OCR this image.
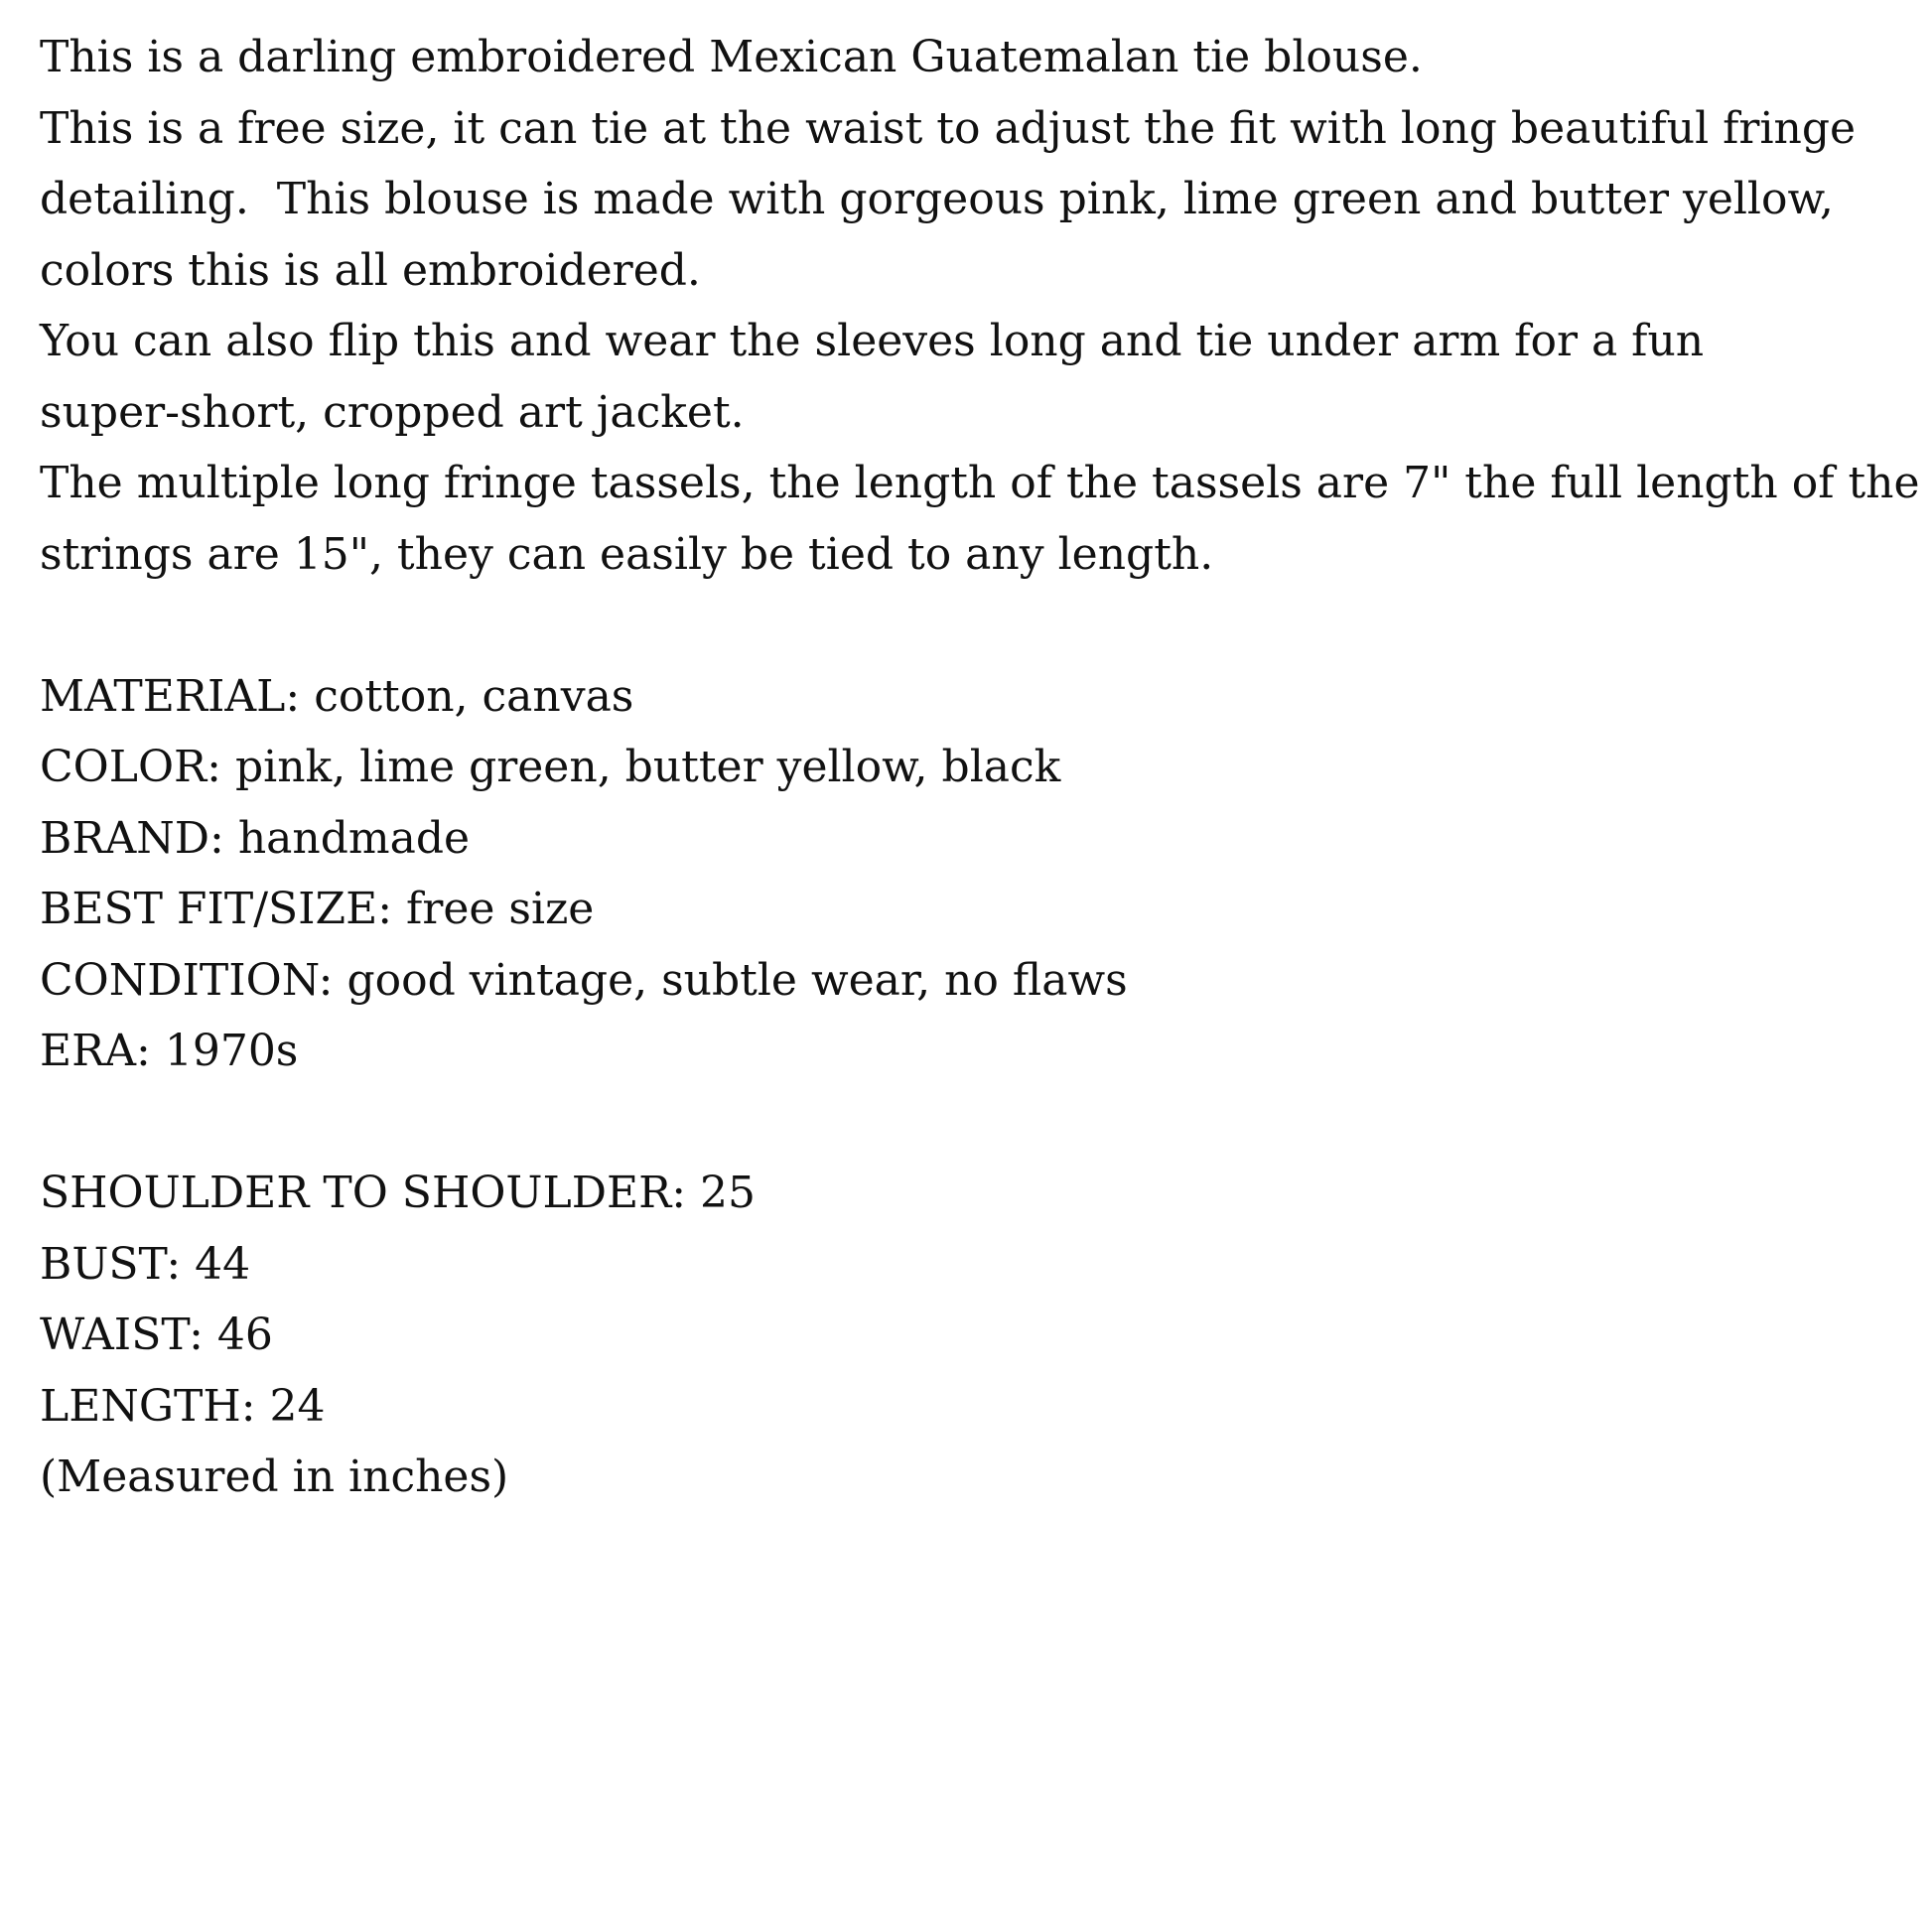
This is a darling embroidered Mexican Guatemalan tie blouse.
This is a free size, it can tie at the waist to adjust the fit with long beautiful fringe
detailing.  This blouse is made with gorgeous pink, lime green and butter yellow,
colors this is all embroidered.
You can also flip this and wear the sleeves long and tie under arm for a fun
super-short, cropped art jacket.
The multiple long fringe tassels, the length of the tassels are 7" the full length of the
strings are 15", they can easily be tied to any length.
MATERIAL: cotton, canvas
COLOR: pink, lime green, butter yellow, black
BRAND: handmade
BEST FIT/SIZE: free size
CONDITION: good vintage, subtle wear, no flaws
ERA: 1970s
SHOULDER TO SHOULDER: 25
BUST: 44
WAIST: 46
LENGTH: 24
(Measured in inches)
